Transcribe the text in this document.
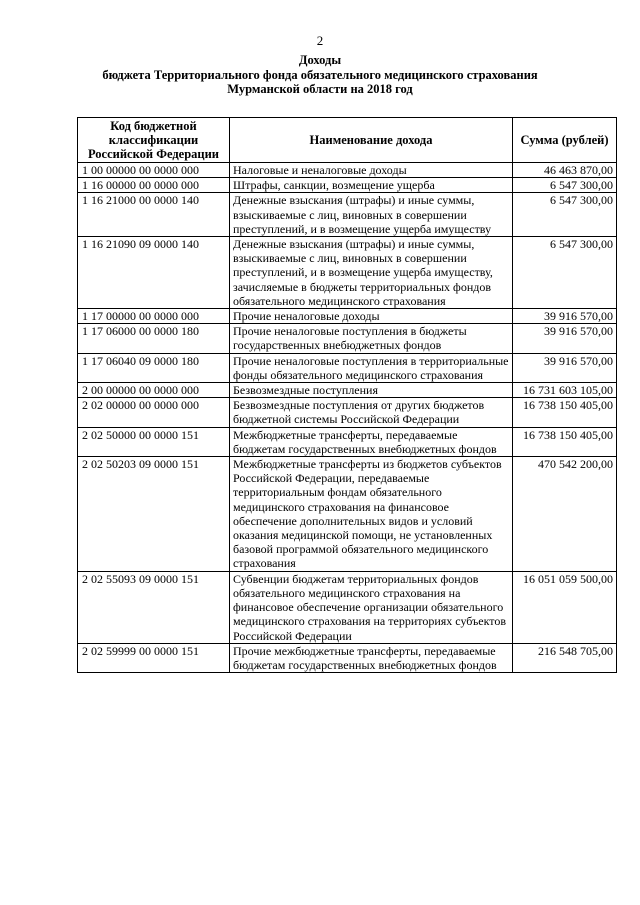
2
Доходы
бюджета Территориального фонда обязательного медицинского страхования
Мурманской области на 2018 год
Код бюджетной классификации Российской Федерации	Наименование дохода	Сумма (рублей)
1 00 00000 00 0000 000	Налоговые и неналоговые доходы	46 463 870,00
1 16 00000 00 0000 000	Штрафы, санкции, возмещение ущерба	6 547 300,00
1 16 21000 00 0000 140	Денежные взыскания (штрафы) и иные суммы, взыскиваемые с лиц, виновных в совершении преступлений, и в возмещение ущерба имуществу	6 547 300,00
1 16 21090 09 0000 140	Денежные взыскания (штрафы) и иные суммы, взыскиваемые с лиц, виновных в совершении преступлений, и в возмещение ущерба имуществу, зачисляемые в бюджеты территориальных фондов обязательного медицинского страхования	6 547 300,00
1 17 00000 00 0000 000	Прочие неналоговые доходы	39 916 570,00
1 17 06000 00 0000 180	Прочие неналоговые поступления в бюджеты государственных внебюджетных фондов	39 916 570,00
1 17 06040 09 0000 180	Прочие неналоговые поступления в территориальные фонды обязательного медицинского страхования	39 916 570,00
2 00 00000 00 0000 000	Безвозмездные поступления	16 731 603 105,00
2 02 00000 00 0000 000	Безвозмездные поступления от других бюджетов бюджетной системы Российской Федерации	16 738 150 405,00
2 02 50000 00 0000 151	Межбюджетные трансферты, передаваемые бюджетам государственных внебюджетных фондов	16 738 150 405,00
2 02 50203 09 0000 151	Межбюджетные трансферты из бюджетов субъектов Российской Федерации, передаваемые территориальным фондам обязательного медицинского страхования на финансовое обеспечение дополнительных видов и условий оказания медицинской помощи, не установленных базовой программой обязательного медицинского страхования	470 542 200,00
2 02 55093 09 0000 151	Субвенции бюджетам территориальных фондов обязательного медицинского страхования на финансовое обеспечение организации обязательного медицинского страхования на территориях субъектов Российской Федерации	16 051 059 500,00
2 02 59999 00 0000 151	Прочие межбюджетные трансферты, передаваемые бюджетам государственных внебюджетных фондов	216 548 705,00
